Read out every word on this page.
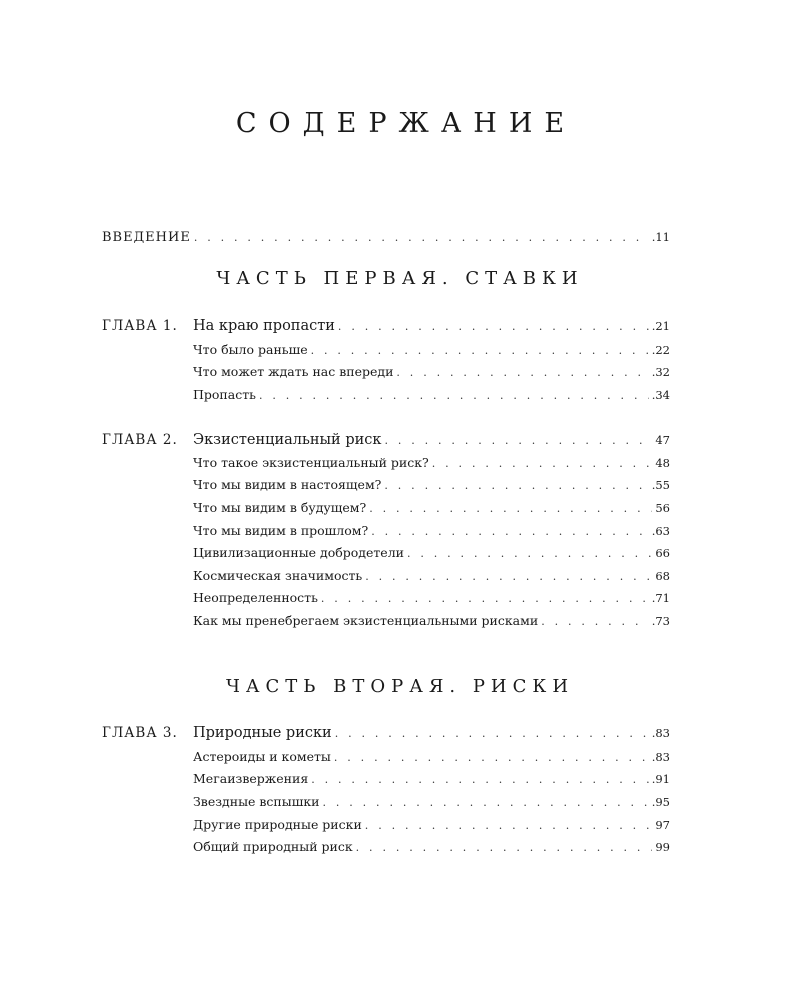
СОДЕРЖАНИЕ
ВВЕДЕНИЕ . . .	.11
ЧАСТЬ ПЕРВАЯ. СТАВКИ
ГЛАВА 1.	На краю пропасти . . .	.21
Что было раньше . . .	.22
Что может ждать нас впереди . . .	.32
Пропасть . . .	.34
ГЛАВА 2.	Экзистенциальный риск . . .	47
Что такое экзистенциальный риск? . . .	48
Что мы видим в настоящем? . . .	.55
Что мы видим в будущем? . . .	56
Что мы видим в прошлом? . . .	.63
Цивилизационные добродетели . . .	66
Космическая значимость . . .	68
Неопределенность . . .	.71
Как мы пренебрегаем экзистенциальными рисками . . .	.73
ЧАСТЬ ВТОРАЯ. РИСКИ
ГЛАВА 3.	Природные риски . . .	.83
Астероиды и кометы . . .	.83
Мегаизвержения . . .	.91
Звездные вспышки . . .	.95
Другие природные риски . . .	97
Общий природный риск . . .	99
